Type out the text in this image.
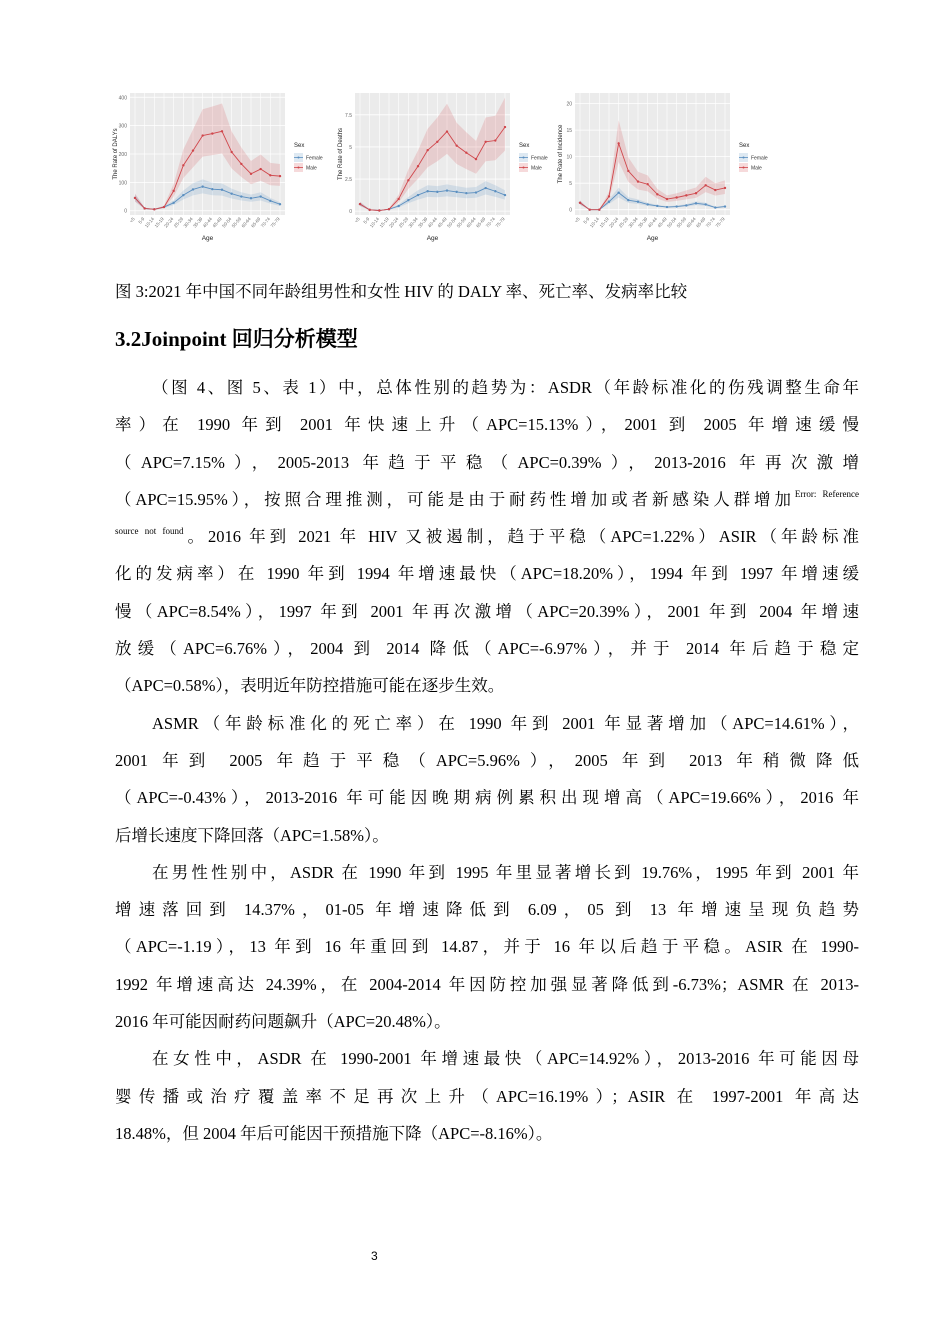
0
100
200
300
400
<5 5-9
10-14
15-19
20-24
25-29
30-34
35-39
40-44
45-49
50-54
55-59
60-64
65-69
70-74
75-79
The Rate of DALYs
Age
Sex
Female
Male
0
2.5
5
7.5
<5 5-9
10-14
15-19
20-24
25-29
30-34
35-39
40-44
45-49
50-54
55-59
60-64
65-69
70-74
75-79
The Rate of Deaths
Age
Sex
Female
Male
0
5
10
15
20
<5 5-9
10-14
15-19
20-24
25-29
30-34
35-39
40-44
45-49
50-54
55-59
60-64
65-69
70-74
75-79
The Rate of Incidence
Age
Sex
Female
Male
图 3:2021 年中国不同年龄组男性和女性 HIV 的 DALY 率、死亡率、发病率比较
3.2Joinpoint 回归分析模型
（图 4、图 5、表 1）中，总体性别的趋势为：ASDR（年龄标准化的伤残调整生命年
率）在 1990 年到 2001 年快速上升（APC=15.13%），2001 到 2005 年增速缓慢
（APC=7.15%），2005-2013 年趋于平稳（APC=0.39%），2013-2016 年再次激增
（APC=15.95%），按照合理推测，可能是由于耐药性增加或者新感染人群增加$^{Error: Reference}$
$^{source not found}$。2016 年到 2021 年 HIV 又被遏制，趋于平稳（APC=1.22%）ASIR（年龄标准
化的发病率）在 1990 年到 1994 年增速最快（APC=18.20%），1994 年到 1997 年增速缓
慢（APC=8.54%），1997 年到 2001 年再次激增（APC=20.39%），2001 年到 2004 年增速
放缓（APC=6.76%），2004 到 2014 降低（APC=-6.97%），并于 2014 年后趋于稳定
（APC=0.58%），表明近年防控措施可能在逐步生效。
ASMR（年龄标准化的死亡率）在 1990 年到 2001 年显著增加（APC=14.61%），
2001 年到 2005 年趋于平稳（APC=5.96%），2005 年到 2013 年稍微降低
（APC=-0.43%），2013-2016 年可能因晚期病例累积出现增高（APC=19.66%），2016 年
后增长速度下降回落（APC=1.58%）。
在男性性别中，ASDR 在 1990 年到 1995 年里显著增长到 19.76%，1995 年到 2001 年
增速落回到 14.37%，01-05 年增速降低到 6.09，05 到 13 年增速呈现负趋势
（APC=-1.19），13 年到 16 年重回到 14.87，并于 16 年以后趋于平稳。ASIR 在 1990-
1992 年增速高达 24.39%，在 2004-2014 年因防控加强显著降低到-6.73%；ASMR 在 2013-
2016 年可能因耐药问题飙升（APC=20.48%）。
在女性中，ASDR 在 1990-2001 年增速最快（APC=14.92%），2013-2016 年可能因母
婴传播或治疗覆盖率不足再次上升（APC=16.19%）；ASIR 在 1997-2001 年高达
18.48%，但 2004 年后可能因干预措施下降（APC=-8.16%）。
3
